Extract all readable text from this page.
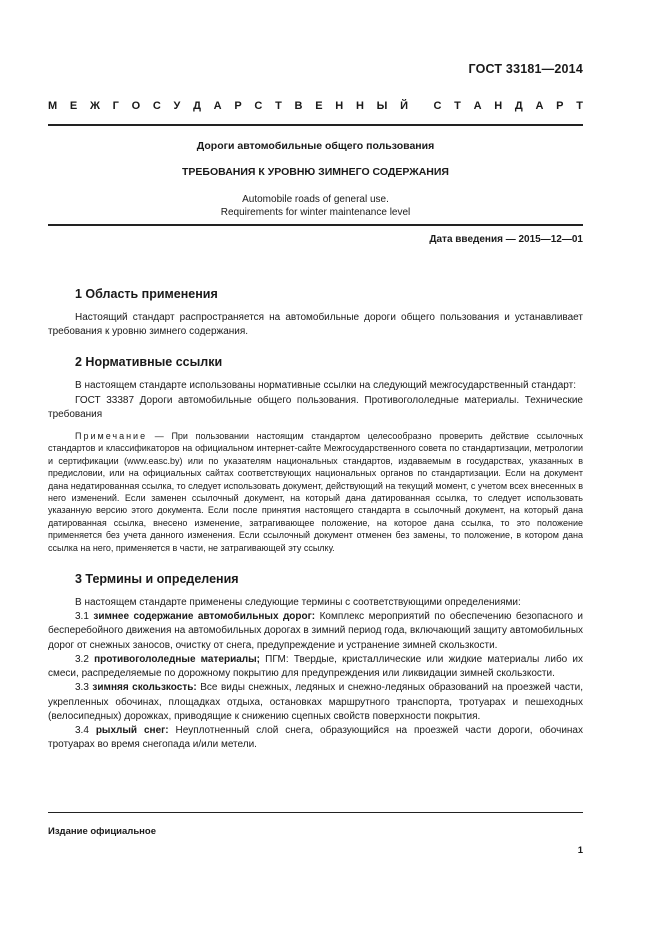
ГОСТ 33181—2014
М Е Ж Г О С У Д А Р С Т В Е Н Н Ы Й С Т А Н Д А Р Т
Дороги автомобильные общего пользования
ТРЕБОВАНИЯ К УРОВНЮ ЗИМНЕГО СОДЕРЖАНИЯ
Automobile roads of general use.
Requirements for winter maintenance level
Дата введения — 2015—12—01
1 Область применения

Настоящий стандарт распространяется на автомобильные дороги общего пользования и устанавливает требования к уровню зимнего содержания.

2 Нормативные ссылки

В настоящем стандарте использованы нормативные ссылки на следующий межгосударственный стандарт:

ГОСТ 33387 Дороги автомобильные общего пользования. Противогололедные материалы. Технические требования

Примечание — При пользовании настоящим стандартом целесообразно проверить действие ссылочных стандартов и классификаторов на официальном интернет-сайте Межгосударственного совета по стандартизации, метрологии и сертификации (www.easc.by) или по указателям национальных стандартов, издаваемым в государствах, указанных в предисловии, или на официальных сайтах соответствующих национальных органов по стандартизации. Если на документ дана недатированная ссылка, то следует использовать документ, действующий на текущий момент, с учетом всех внесенных в него изменений. Если заменен ссылочный документ, на который дана датированная ссылка, то следует использовать указанную версию этого документа. Если после принятия настоящего стандарта в ссылочный документ, на который дана датированная ссылка, внесено изменение, затрагивающее положение, на которое дана ссылка, то это положение применяется без учета данного изменения. Если ссылочный документ отменен без замены, то положение, в котором дана ссылка на него, применяется в части, не затрагивающей эту ссылку.

3 Термины и определения

В настоящем стандарте применены следующие термины с соответствующими определениями:

3.1 зимнее содержание автомобильных дорог: Комплекс мероприятий по обеспечению безопасного и бесперебойного движения на автомобильных дорогах в зимний период года, включающий защиту автомобильных дорог от снежных заносов, очистку от снега, предупреждение и устранение зимней скользкости.

3.2 противогололедные материалы; ПГМ: Твердые, кристаллические или жидкие материалы либо их смеси, распределяемые по дорожному покрытию для предупреждения или ликвидации зимней скользкости.

3.3 зимняя скользкость: Все виды снежных, ледяных и снежно-ледяных образований на проезжей части, укрепленных обочинах, площадках отдыха, остановках маршрутного транспорта, тротуарах и пешеходных (велосипедных) дорожках, приводящие к снижению сцепных свойств поверхности покрытия.

3.4 рыхлый снег: Неуплотненный слой снега, образующийся на проезжей части дороги, обочинах тротуарах во время снегопада и/или метели.

Издание официальное
1
